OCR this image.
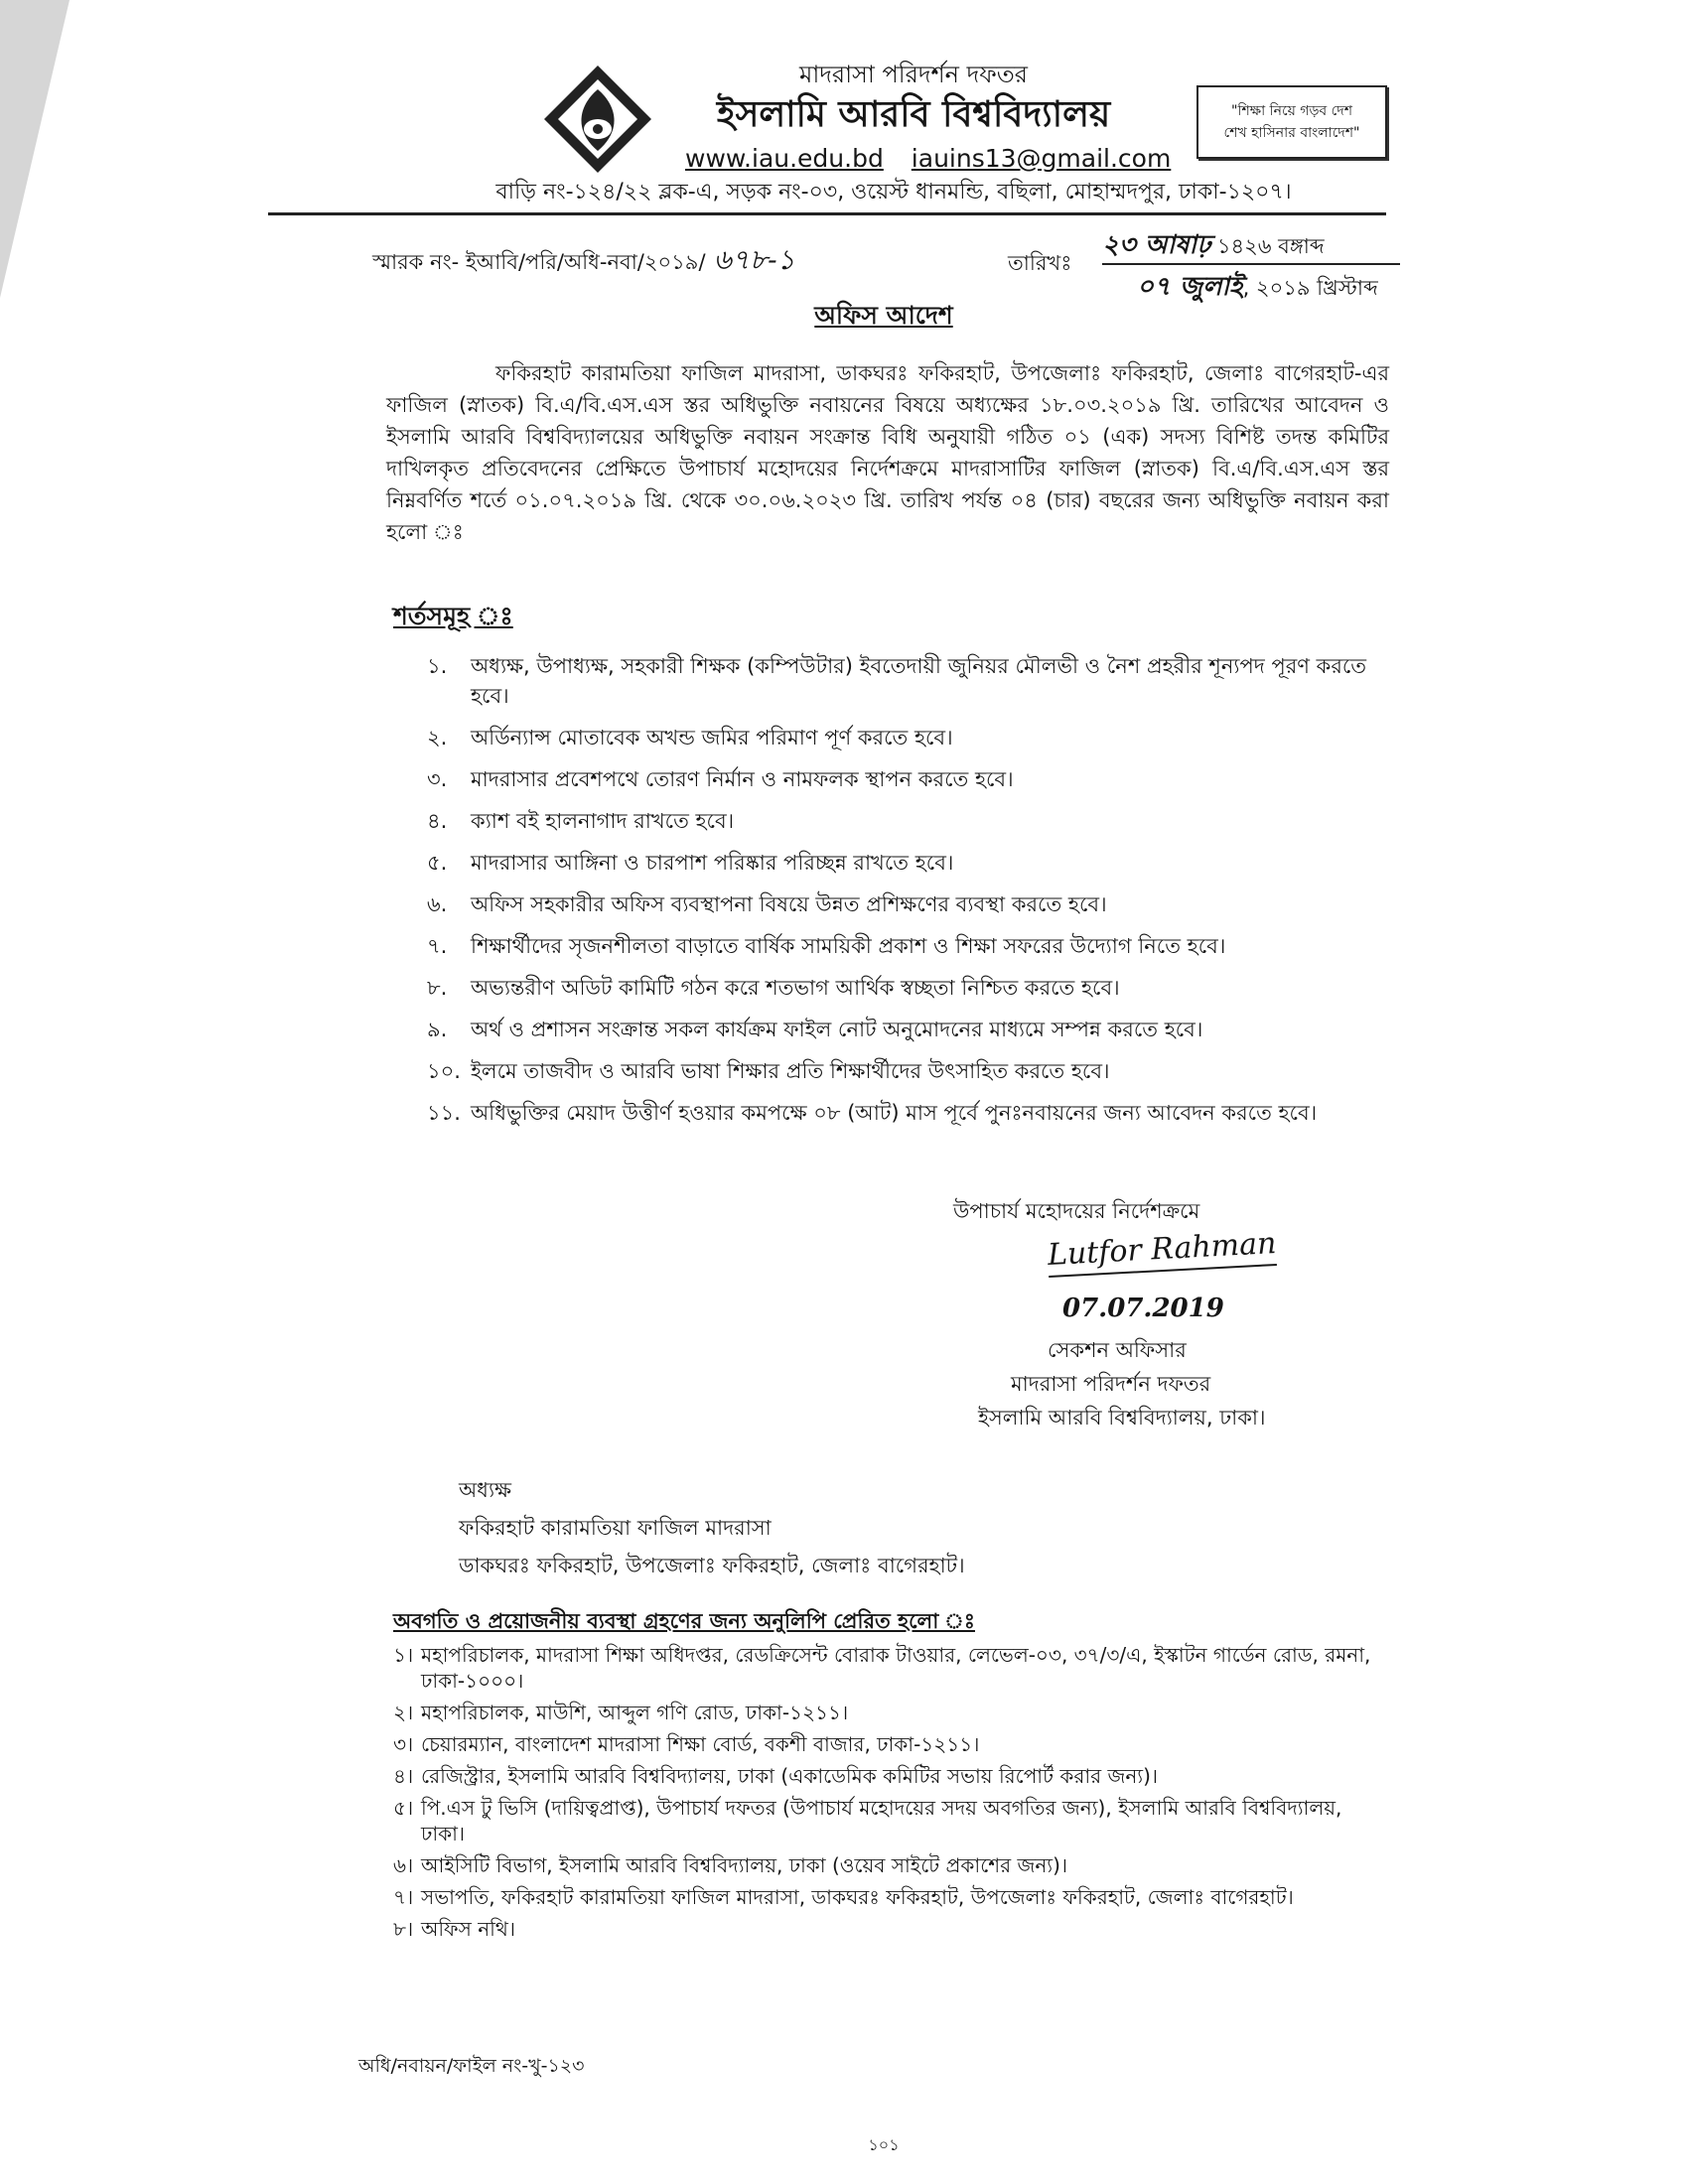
মাদরাসা পরিদর্শন দফতর
ইসলামি আরবি বিশ্ববিদ্যালয়
www.iau.edu.bd iauins13@gmail.com
বাড়ি নং-১২৪/২২ ব্লক-এ, সড়ক নং-০৩, ওয়েস্ট ধানমন্ডি, বছিলা, মোহাম্মদপুর, ঢাকা-১২০৭।
"শিক্ষা নিয়ে গড়ব দেশ
শেখ হাসিনার বাংলাদেশ"
স্মারক নং- ইআবি/পরি/অধি-নবা/২০১৯/ ৬৭৮-১	তারিখঃ
২৩ আষাঢ় ১৪২৬ বঙ্গাব্দ
০৭ জুলাই, ২০১৯ খ্রিস্টাব্দ
অফিস আদেশ
ফকিরহাট কারামতিয়া ফাজিল মাদরাসা, ডাকঘরঃ ফকিরহাট, উপজেলাঃ ফকিরহাট, জেলাঃ বাগেরহাট-এর ফাজিল (স্নাতক) বি.এ/বি.এস.এস স্তর অধিভুক্তি নবায়নের বিষয়ে অধ্যক্ষের ১৮.০৩.২০১৯ খ্রি. তারিখের আবেদন ও ইসলামি আরবি বিশ্ববিদ্যালয়ের অধিভুক্তি নবায়ন সংক্রান্ত বিধি অনুযায়ী গঠিত ০১ (এক) সদস্য বিশিষ্ট তদন্ত কমিটির দাখিলকৃত প্রতিবেদনের প্রেক্ষিতে উপাচার্য মহোদয়ের নির্দেশক্রমে মাদরাসাটির ফাজিল (স্নাতক) বি.এ/বি.এস.এস স্তর নিম্নবর্ণিত শর্তে ০১.০৭.২০১৯ খ্রি. থেকে ৩০.০৬.২০২৩ খ্রি. তারিখ পর্যন্ত ০৪ (চার) বছরের জন্য অধিভুক্তি নবায়ন করা হলো ঃ
শর্তসমূহ ঃ
১.	অধ্যক্ষ, উপাধ্যক্ষ, সহকারী শিক্ষক (কম্পিউটার) ইবতেদায়ী জুনিয়র মৌলভী ও নৈশ প্রহরীর শূন্যপদ পূরণ করতে হবে।
২.	অর্ডিন্যান্স মোতাবেক অখন্ড জমির পরিমাণ পূর্ণ করতে হবে।
৩.	মাদরাসার প্রবেশপথে তোরণ নির্মান ও নামফলক স্থাপন করতে হবে।
৪.	ক্যাশ বই হালনাগাদ রাখতে হবে।
৫.	মাদরাসার আঙ্গিনা ও চারপাশ পরিষ্কার পরিচ্ছন্ন রাখতে হবে।
৬.	অফিস সহকারীর অফিস ব্যবস্থাপনা বিষয়ে উন্নত প্রশিক্ষণের ব্যবস্থা করতে হবে।
৭.	শিক্ষার্থীদের সৃজনশীলতা বাড়াতে বার্ষিক সাময়িকী প্রকাশ ও শিক্ষা সফরের উদ্যোগ নিতে হবে।
৮.	অভ্যন্তরীণ অডিট কামিটি গঠন করে শতভাগ আর্থিক স্বচ্ছতা নিশ্চিত করতে হবে।
৯.	অর্থ ও প্রশাসন সংক্রান্ত সকল কার্যক্রম ফাইল নোট অনুমোদনের মাধ্যমে সম্পন্ন করতে হবে।
১০. ইলমে তাজবীদ ও আরবি ভাষা শিক্ষার প্রতি শিক্ষার্থীদের উৎসাহিত করতে হবে।
১১. অধিভুক্তির মেয়াদ উত্তীর্ণ হওয়ার কমপক্ষে ০৮ (আট) মাস পূর্বে পুনঃনবায়নের জন্য আবেদন করতে হবে।
উপাচার্য মহোদয়ের নির্দেশক্রমে
Lutfor Rahman
07.07.2019
সেকশন অফিসার
মাদরাসা পরিদর্শন দফতর
ইসলামি আরবি বিশ্ববিদ্যালয়, ঢাকা।
অধ্যক্ষ
ফকিরহাট কারামতিয়া ফাজিল মাদরাসা
ডাকঘরঃ ফকিরহাট, উপজেলাঃ ফকিরহাট, জেলাঃ বাগেরহাট।
অবগতি ও প্রয়োজনীয় ব্যবস্থা গ্রহণের জন্য অনুলিপি প্রেরিত হলো ঃ
১। মহাপরিচালক, মাদরাসা শিক্ষা অধিদপ্তর, রেডক্রিসেন্ট বোরাক টাওয়ার, লেভেল-০৩, ৩৭/৩/এ, ইস্কাটন গার্ডেন রোড, রমনা, ঢাকা-১০০০।
২। মহাপরিচালক, মাউশি, আব্দুল গণি রোড, ঢাকা-১২১১।
৩। চেয়ারম্যান, বাংলাদেশ মাদরাসা শিক্ষা বোর্ড, বকশী বাজার, ঢাকা-১২১১।
৪। রেজিস্ট্রার, ইসলামি আরবি বিশ্ববিদ্যালয়, ঢাকা (একাডেমিক কমিটির সভায় রিপোর্ট করার জন্য)।
৫। পি.এস টু ভিসি (দায়িত্বপ্রাপ্ত), উপাচার্য দফতর (উপাচার্য মহোদয়ের সদয় অবগতির জন্য), ইসলামি আরবি বিশ্ববিদ্যালয়, ঢাকা।
৬। আইসিটি বিভাগ, ইসলামি আরবি বিশ্ববিদ্যালয়, ঢাকা (ওয়েব সাইটে প্রকাশের জন্য)।
৭। সভাপতি, ফকিরহাট কারামতিয়া ফাজিল মাদরাসা, ডাকঘরঃ ফকিরহাট, উপজেলাঃ ফকিরহাট, জেলাঃ বাগেরহাট।
৮। অফিস নথি।
অধি/নবায়ন/ফাইল নং-খু-১২৩
১০১
